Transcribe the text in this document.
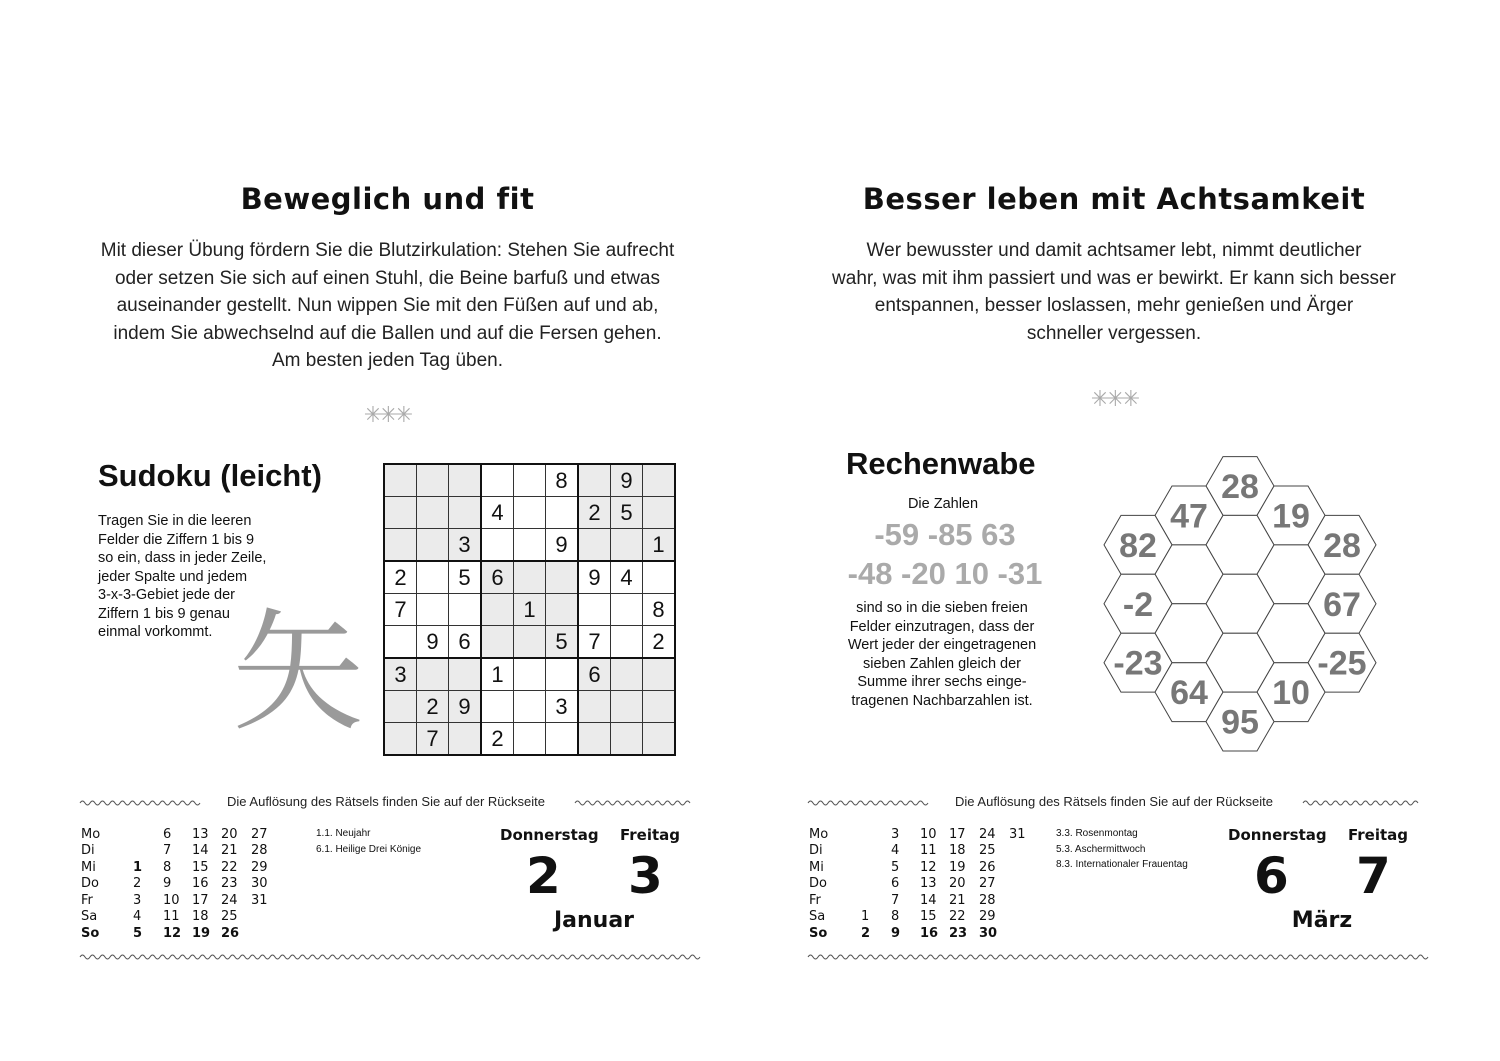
Beweglich und fit
Mit dieser Übung fördern Sie die Blutzirkulation: Stehen Sie aufrecht
oder setzen Sie sich auf einen Stuhl, die Beine barfuß und etwas
auseinander gestellt. Nun wippen Sie mit den Füßen auf und ab,
indem Sie abwechselnd auf die Ballen und auf die Fersen gehen.
Am besten jeden Tag üben.
✳✳✳
Sudoku (leicht)
Tragen Sie in die leeren
Felder die Ziffern 1 bis 9
so ein, dass in jeder Zeile,
jeder Spalte und jedem
3-x-3-Gebiet jede der
Ziffern 1 bis 9 genau
einmal vorkommt. 矢
					8		9	
			4			2	5	
		3			9			1
2		5	6			9	4	
7				1				8
	9	6			5	7		2
3			1			6		
	2	9			3			
	7		2					
Die Auflösung des Rätsels finden Sie auf der Rückseite
Mo		6	13	20	27	
Di		7	14	21	28	
Mi	1	8	15	22	29	
Do	2	9	16	23	30	
Fr	3	10	17	24	31	
Sa	4	11	18	25		
So	5	12	19	26		
1.1. Neujahr
6.1. Heilige Drei Könige
Donnerstag Freitag
2 3
Januar
Besser leben mit Achtsamkeit
Wer bewusster und damit achtsamer lebt, nimmt deutlicher
wahr, was mit ihm passiert und was er bewirkt. Er kann sich besser
entspannen, besser loslassen, mehr genießen und Ärger
schneller vergessen.
✳✳✳
Rechenwabe
Die Zahlen
-59 -85 63
-48 -20 10 -31
sind so in die sieben freien
Felder einzutragen, dass der
Wert jeder der eingetragenen
sieben Zahlen gleich der
Summe ihrer sechs einge-
tragenen Nachbarzahlen ist.
28
47 19
82	28
-2	67
-23	-25
64 10
95
Die Auflösung des Rätsels finden Sie auf der Rückseite
Mo		3	10	17	24	31
Di		4	11	18	25	
Mi		5	12	19	26	
Do		6	13	20	27	
Fr		7	14	21	28	
Sa	1	8	15	22	29	
So	2	9	16	23	30	
3.3. Rosenmontag
5.3. Aschermittwoch
8.3. Internationaler Frauentag
Donnerstag Freitag
6 7
März
